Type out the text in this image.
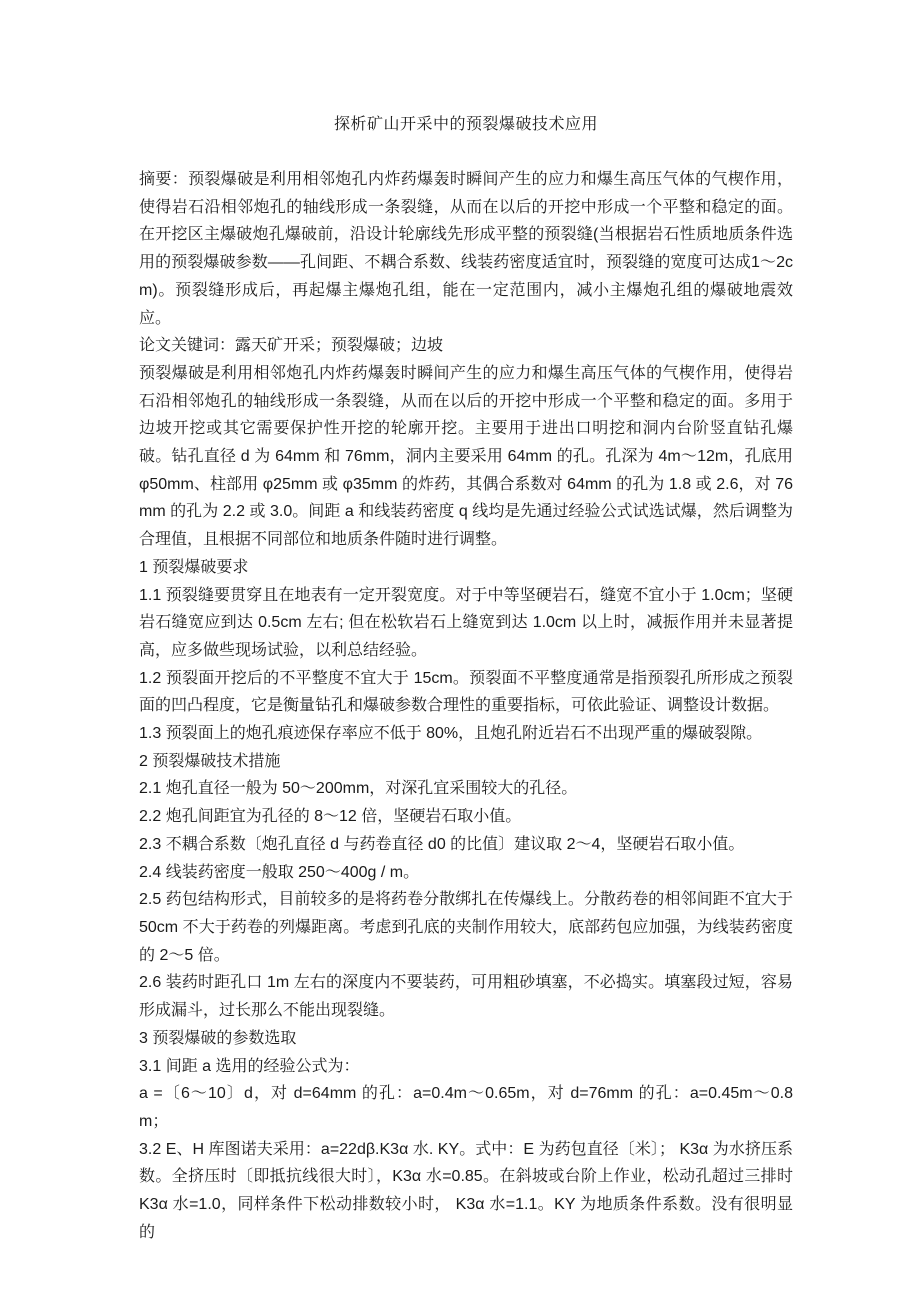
探析矿山开采中的预裂爆破技术应用

摘要：预裂爆破是利用相邻炮孔内炸药爆轰时瞬间产生的应力和爆生高压气体的气楔作用，使得岩石沿相邻炮孔的轴线形成一条裂缝，从而在以后的开挖中形成一个平整和稳定的面。在开挖区主爆破炮孔爆破前，沿设计轮廓线先形成平整的预裂缝(当根据岩石性质地质条件选用的预裂爆破参数——孔间距、不耦合系数、线装药密度适宜时，预裂缝的宽度可达成1～2cm)。预裂缝形成后，再起爆主爆炮孔组，能在一定范围内，减小主爆炮孔组的爆破地震效应。

论文关键词：露天矿开采；预裂爆破；边坡

预裂爆破是利用相邻炮孔内炸药爆轰时瞬间产生的应力和爆生高压气体的气楔作用，使得岩石沿相邻炮孔的轴线形成一条裂缝，从而在以后的开挖中形成一个平整和稳定的面。多用于边坡开挖或其它需要保护性开挖的轮廓开挖。主要用于进出口明挖和洞内台阶竖直钻孔爆破。钻孔直径 d 为 64mm 和 76mm，洞内主要采用 64mm 的孔。孔深为 4m～12m，孔底用φ50mm、柱部用 φ25mm 或 φ35mm 的炸药，其偶合系数对 64mm 的孔为 1.8 或 2.6，对 76mm 的孔为 2.2 或 3.0。间距 a 和线装药密度 q 线均是先通过经验公式试选试爆，然后调整为合理值，且根据不同部位和地质条件随时进行调整。

1 预裂爆破要求

1.1 预裂缝要贯穿且在地表有一定开裂宽度。对于中等坚硬岩石，缝宽不宜小于 1.0cm；坚硬岩石缝宽应到达 0.5cm 左右; 但在松软岩石上缝宽到达 1.0cm 以上时，减振作用并未显著提高，应多做些现场试验，以利总结经验。

1.2 预裂面开挖后的不平整度不宜大于 15cm。预裂面不平整度通常是指预裂孔所形成之预裂面的凹凸程度，它是衡量钻孔和爆破参数合理性的重要指标，可依此验证、调整设计数据。

1.3 预裂面上的炮孔痕迹保存率应不低于 80%，且炮孔附近岩石不出现严重的爆破裂隙。

2 预裂爆破技术措施

2.1 炮孔直径一般为 50～200mm，对深孔宜采围较大的孔径。

2.2 炮孔间距宜为孔径的 8～12 倍，坚硬岩石取小值。

2.3 不耦合系数〔炮孔直径 d 与药卷直径 d0 的比值〕建议取 2～4，坚硬岩石取小值。

2.4 线装药密度一般取 250～400g / m。

2.5 药包结构形式，目前较多的是将药卷分散绑扎在传爆线上。分散药卷的相邻间距不宜大于 50cm 不大于药卷的列爆距离。考虑到孔底的夹制作用较大，底部药包应加强，为线装药密度的 2～5 倍。

2.6 装药时距孔口 1m 左右的深度内不要装药，可用粗砂填塞，不必捣实。填塞段过短，容易形成漏斗，过长那么不能出现裂缝。

3 预裂爆破的参数选取

3.1 间距 a 选用的经验公式为：

a =〔6～10〕d，对 d=64mm 的孔：a=0.4m～0.65m，对 d=76mm 的孔：a=0.45m～0.8m；

3.2 E、H 库图诺夫采用：a=22dβ.K3α 水. KY。式中：E 为药包直径〔米〕； K3α 为水挤压系数。全挤压时〔即抵抗线很大时〕，K3α 水=0.85。在斜坡或台阶上作业，松动孔超过三排时 K3α 水=1.0，同样条件下松动排数较小时， K3α 水=1.1。KY 为地质条件系数。没有很明显的
